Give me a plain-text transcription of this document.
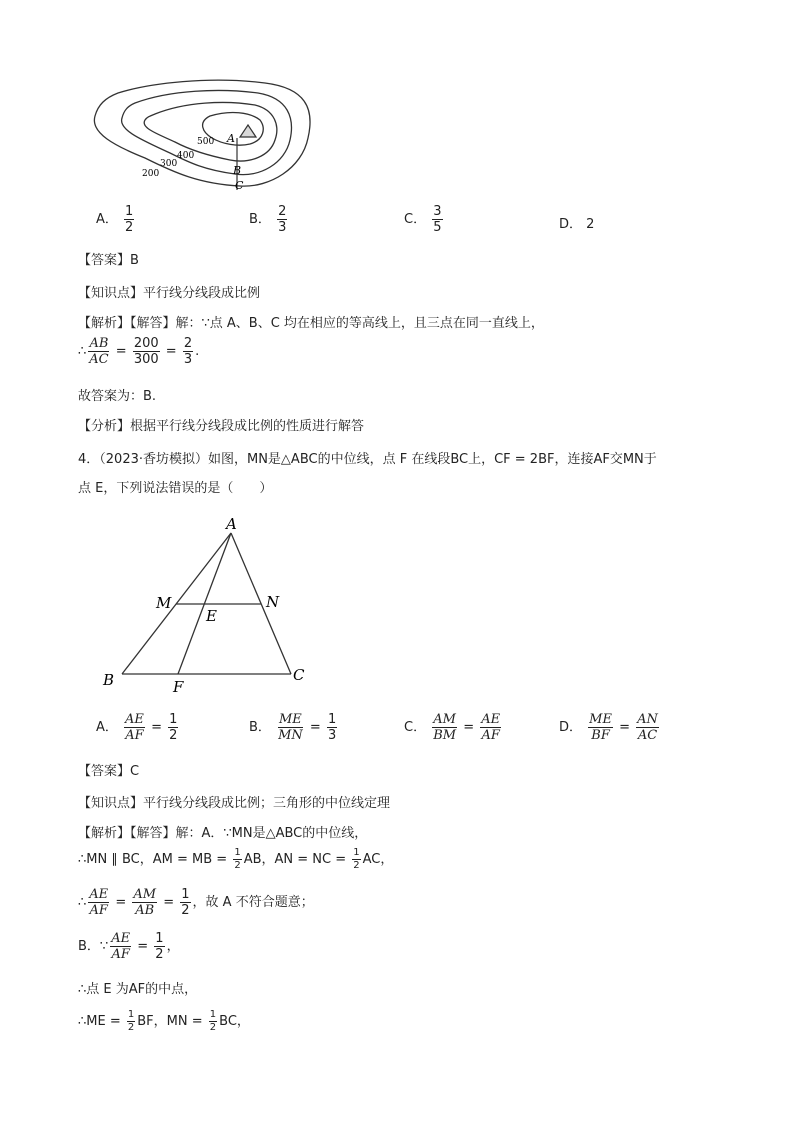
500
400
300
200
A
B
C
A． $\frac{1}{2}$	B． $\frac{2}{3}$	C． $\frac{3}{5}$	D． 2
【答案】B
【知识点】平行线分线段成比例
【解析】【解答】解：∵点 A、B、C 均在相应的等高线上，且三点在同一直线上，
∴ $\frac{AB}{AC} = \frac{200}{300} = \frac{2}{3}$ .
故答案为：B.
【分析】根据平行线分线段成比例的性质进行解答
4．（2023·香坊模拟）如图，MN是△ABC的中位线，点 F 在线段BC上，CF = 2BF，连接AF交MN于
点 E，下列说法错误的是（　　）
A
M	N
E
B	F
C
A． $\frac{AE}{AF} = \frac{1}{2}$	B． $\frac{ME}{MN} = \frac{1}{3}$	C． $\frac{AM}{BM} = \frac{AE}{AF}$	D． $\frac{ME}{BF} = \frac{AN}{AC}$
【答案】C
【知识点】平行线分线段成比例；三角形的中位线定理
【解析】【解答】解：A．∵MN是△ABC的中位线，
∴MN ∥ BC，AM = MB = $\frac{1}{2}$ AB，AN = NC = $\frac{1}{2}$ AC，
∴ $\frac{AE}{AF} = \frac{AM}{AB} = \frac{1}{2}$ ，故 A 不符合题意；
B．∵ $\frac{AE}{AF} = \frac{1}{2}$ ，
∴点 E 为AF的中点，
∴ME = $\frac{1}{2}$ BF，MN = $\frac{1}{2}$ BC，
